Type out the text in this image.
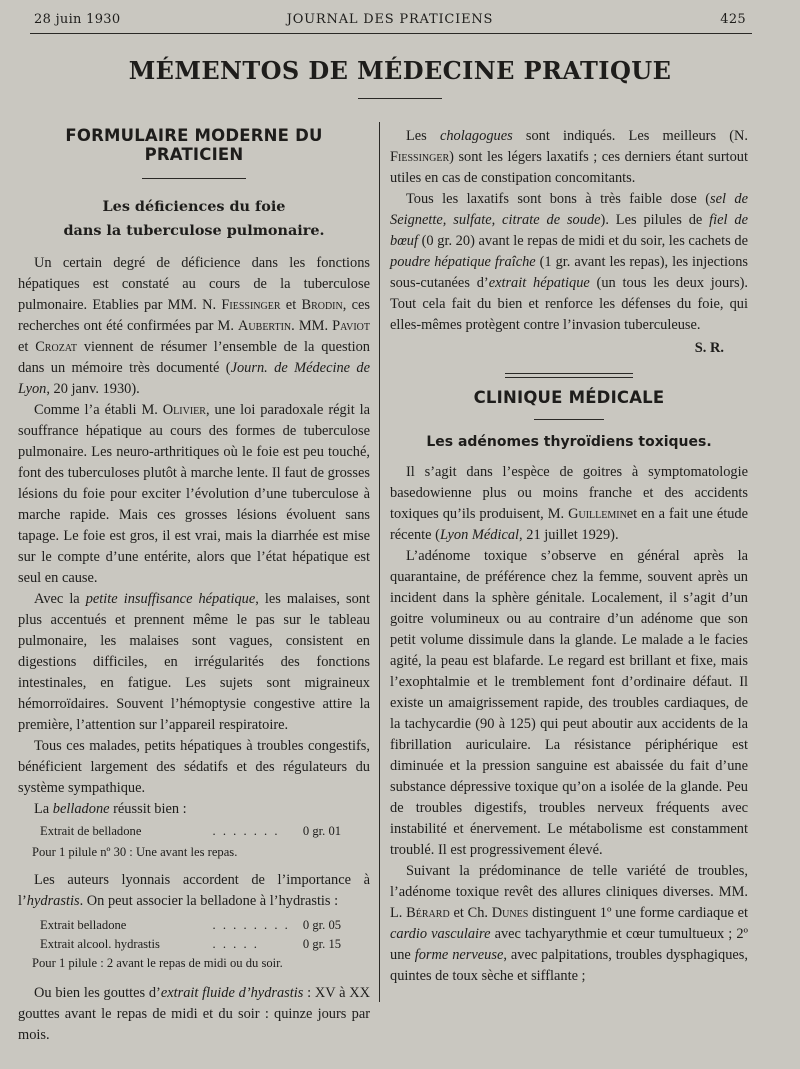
28 juin 1930	JOURNAL DES PRATICIENS	425
MÉMENTOS DE MÉDECINE PRATIQUE
FORMULAIRE MODERNE DU PRATICIEN
Les déficiences du foie
dans la tuberculose pulmonaire.

Un certain degré de déficience dans les fonctions hépatiques est constaté au cours de la tuberculose pulmonaire. Etablies par MM. N. Fiessinger et Brodin, ces recherches ont été confirmées par M. Aubertin. MM. Paviot et Crozat viennent de résumer l’ensemble de la question dans un mémoire très documenté (Journ. de Médecine de Lyon, 20 janv. 1930).

Comme l’a établi M. Olivier, une loi paradoxale régit la souffrance hépatique au cours des formes de tuberculose pulmonaire. Les neuro-arthritiques où le foie est peu touché, font des tuberculoses plutôt à marche lente. Il faut de grosses lésions du foie pour exciter l’évolution d’une tuberculose à marche rapide. Mais ces grosses lésions évoluent sans tapage. Le foie est gros, il est vrai, mais la diarrhée est mise sur le compte d’une entérite, alors que l’état hépatique est seul en cause.

Avec la petite insuffisance hépatique, les malaises, sont plus accentués et prennent même le pas sur le tableau pulmonaire, les malaises sont vagues, consistent en digestions difficiles, en irrégularités des fonctions intestinales, en fatigue. Les sujets sont migraineux hémorroïdaires. Souvent l’hémoptysie congestive attire la première, l’attention sur l’appareil respiratoire.

Tous ces malades, petits hépatiques à troubles congestifs, bénéficient largement des sédatifs et des régulateurs du système sympathique.

La belladone réussit bien :

Extrait de belladone	. . . . . . .	0 gr. 01
Pour 1 pilule nº 30 : Une avant les repas.

Les auteurs lyonnais accordent de l’importance à l’hydrastis. On peut associer la belladone à l’hydrastis :

Extrait belladone	. . . . . . . .	0 gr. 05
Extrait alcool. hydrastis	. . . . .	0 gr. 15
Pour 1 pilule : 2 avant le repas de midi ou du soir.

Ou bien les gouttes d’extrait fluide d’hydrastis : XV à XX gouttes avant le repas de midi et du soir : quinze jours par mois.

Les cholagogues sont indiqués. Les meilleurs (N. Fiessinger) sont les légers laxatifs ; ces derniers étant surtout utiles en cas de constipation concomitants.

Tous les laxatifs sont bons à très faible dose (sel de Seignette, sulfate, citrate de soude). Les pilules de fiel de bœuf (0 gr. 20) avant le repas de midi et du soir, les cachets de poudre hépatique fraîche (1 gr. avant les repas), les injections sous-cutanées d’extrait hépatique (un tous les deux jours). Tout cela fait du bien et renforce les défenses du foie, qui elles-mêmes protègent contre l’invasion tuberculeuse.

S. R.
CLINIQUE MÉDICALE
Les adénomes thyroïdiens toxiques.

Il s’agit dans l’espèce de goitres à symptomatologie basedowienne plus ou moins franche et des accidents toxiques qu’ils produisent, M. Guilleminet en a fait une étude récente (Lyon Médical, 21 juillet 1929).

L’adénome toxique s’observe en général après la quarantaine, de préférence chez la femme, souvent après un incident dans la sphère génitale. Localement, il s’agit d’un goitre volumineux ou au contraire d’un adénome que son petit volume dissimule dans la glande. Le malade a le facies agité, la peau est blafarde. Le regard est brillant et fixe, mais l’exophtalmie et le tremblement font d’ordinaire défaut. Il existe un amaigrissement rapide, des troubles cardiaques, de la tachycardie (90 à 125) qui peut aboutir aux accidents de la fibrillation auriculaire. La résistance périphérique est diminuée et la pression sanguine est abaissée du fait d’une substance dépressive toxique qu’on a isolée de la glande. Peu de troubles digestifs, troubles nerveux fréquents avec instabilité et énervement. Le métabolisme est constamment troublé. Il est progressivement élevé.

Suivant la prédominance de telle variété de troubles, l’adénome toxique revêt des allures cliniques diverses. MM. L. Bérard et Ch. Dunes distinguent 1º une forme cardiaque et cardio vasculaire avec tachyarythmie et cœur tumultueux ; 2º une forme nerveuse, avec palpitations, troubles dysphagiques, quintes de toux sèche et sifflante ;
